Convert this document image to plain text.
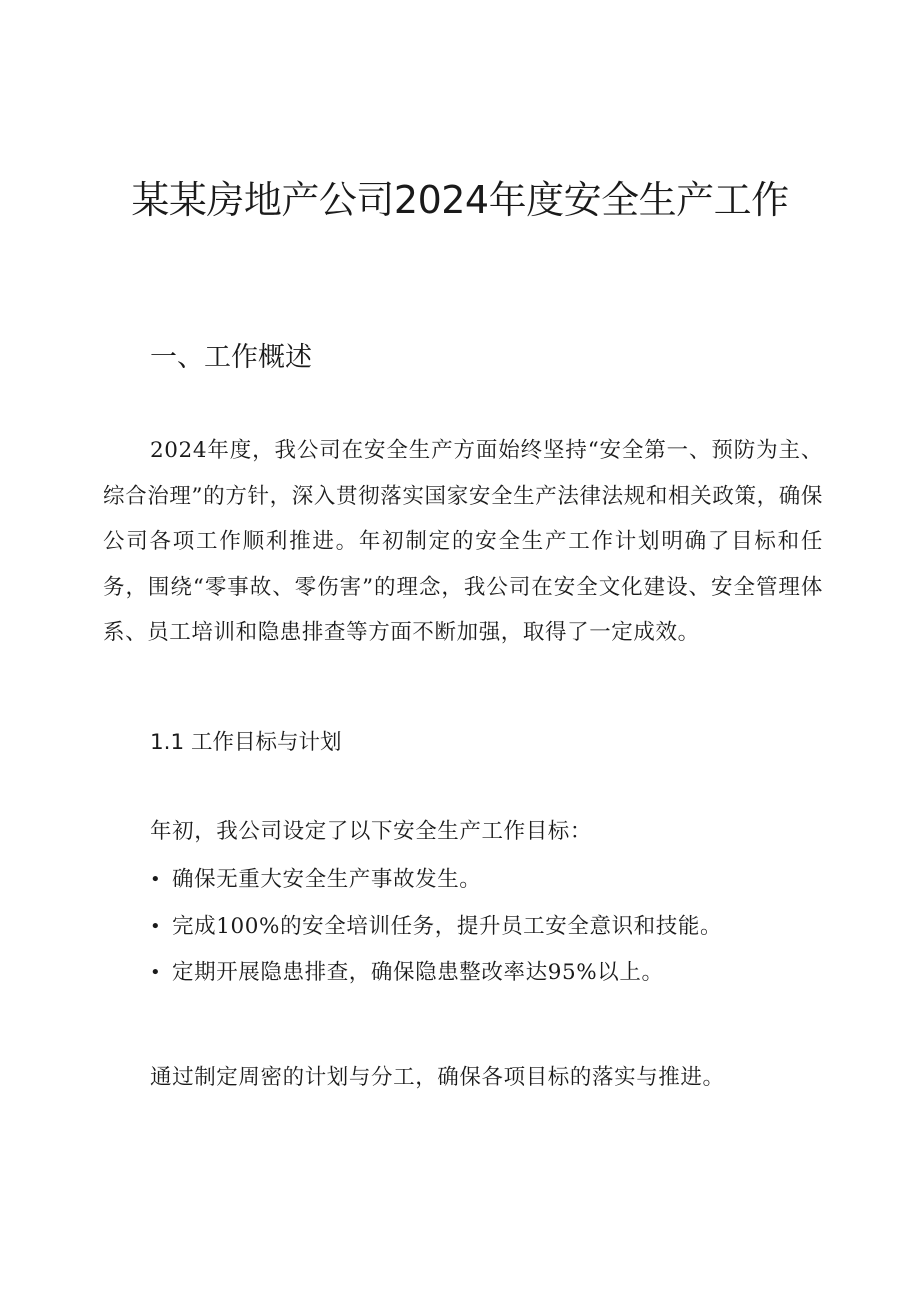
某某房地产公司2024年度安全生产工作
一、工作概述

2024年度，我公司在安全生产方面始终坚持“安全第一、预防为主、综合治理”的方针，深入贯彻落实国家安全生产法律法规和相关政策，确保公司各项工作顺利推进。年初制定的安全生产工作计划明确了目标和任务，围绕“零事故、零伤害”的理念，我公司在安全文化建设、安全管理体系、员工培训和隐患排查等方面不断加强，取得了一定成效。

1.1 工作目标与计划

年初，我公司设定了以下安全生产工作目标：

• 确保无重大安全生产事故发生。
• 完成100%的安全培训任务，提升员工安全意识和技能。
• 定期开展隐患排查，确保隐患整改率达95%以上。

通过制定周密的计划与分工，确保各项目标的落实与推进。
